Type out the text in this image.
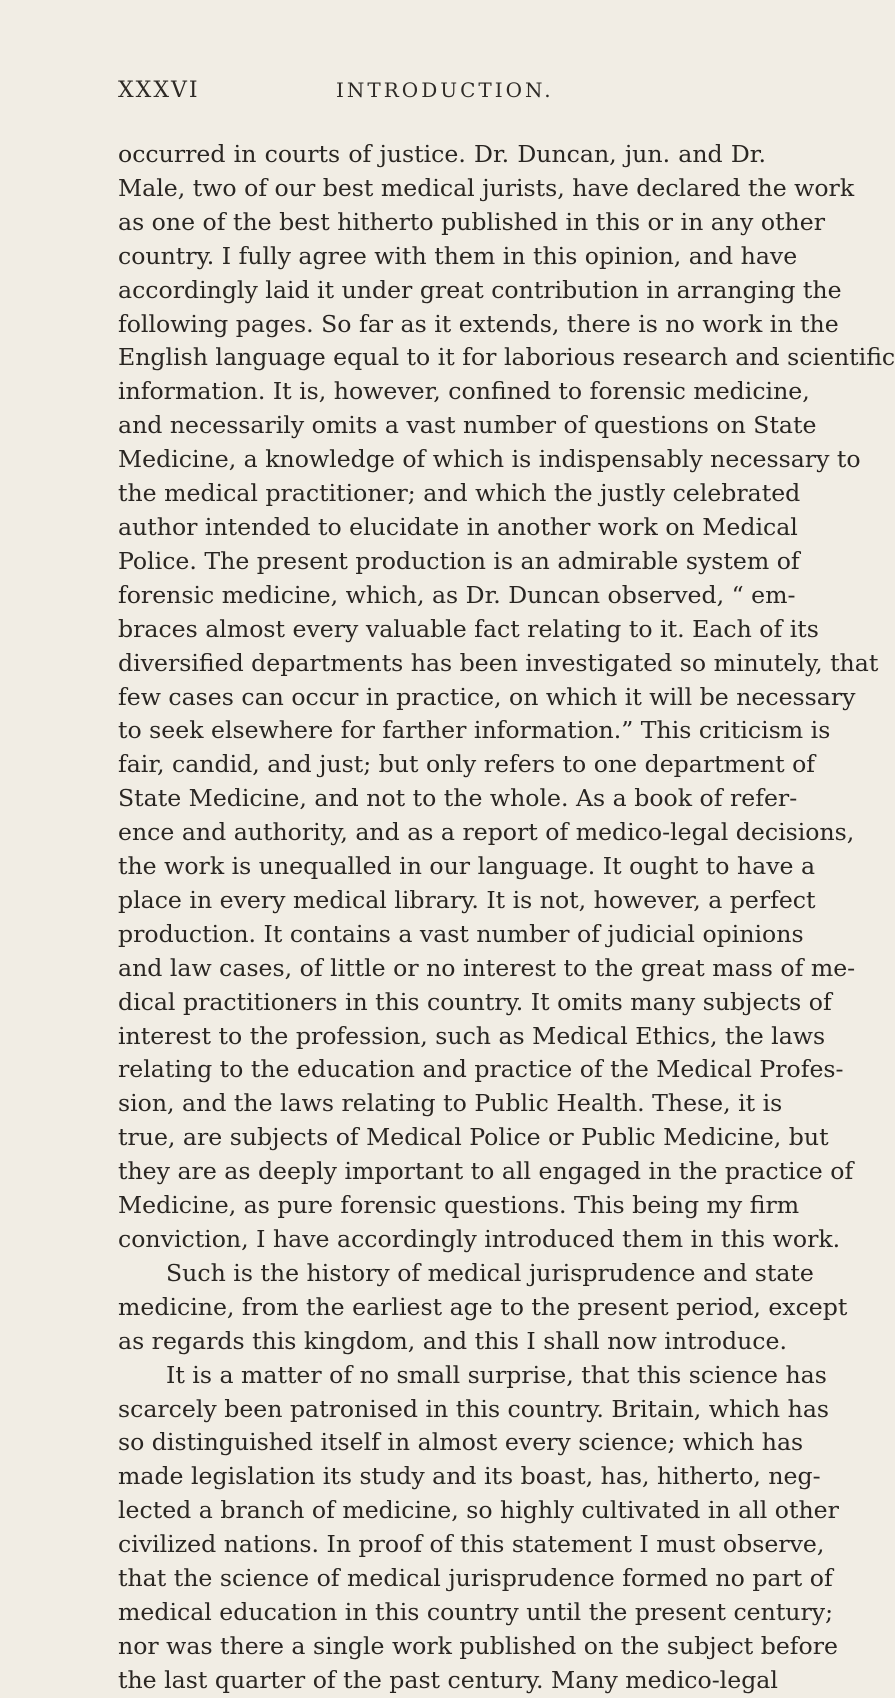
XXXVI	INTRODUCTION.
occurred in courts of justice. Dr. Duncan, jun. and Dr.
Male, two of our best medical jurists, have declared the work
as one of the best hitherto published in this or in any other
country. I fully agree with them in this opinion, and have
accordingly laid it under great contribution in arranging the
following pages. So far as it extends, there is no work in the
English language equal to it for laborious research and scientific
information. It is, however, confined to forensic medicine,
and necessarily omits a vast number of questions on State
Medicine, a knowledge of which is indispensably necessary to
the medical practitioner; and which the justly celebrated
author intended to elucidate in another work on Medical
Police. The present production is an admirable system of
forensic medicine, which, as Dr. Duncan observed, “ em-
braces almost every valuable fact relating to it. Each of its
diversified departments has been investigated so minutely, that
few cases can occur in practice, on which it will be necessary
to seek elsewhere for farther information.” This criticism is
fair, candid, and just; but only refers to one department of
State Medicine, and not to the whole. As a book of refer-
ence and authority, and as a report of medico-legal decisions,
the work is unequalled in our language. It ought to have a
place in every medical library. It is not, however, a perfect
production. It contains a vast number of judicial opinions
and law cases, of little or no interest to the great mass of me-
dical practitioners in this country. It omits many subjects of
interest to the profession, such as Medical Ethics, the laws
relating to the education and practice of the Medical Profes-
sion, and the laws relating to Public Health. These, it is
true, are subjects of Medical Police or Public Medicine, but
they are as deeply important to all engaged in the practice of
Medicine, as pure forensic questions. This being my firm
conviction, I have accordingly introduced them in this work.
Such is the history of medical jurisprudence and state
medicine, from the earliest age to the present period, except
as regards this kingdom, and this I shall now introduce.
It is a matter of no small surprise, that this science has
scarcely been patronised in this country. Britain, which has
so distinguished itself in almost every science; which has
made legislation its study and its boast, has, hitherto, neg-
lected a branch of medicine, so highly cultivated in all other
civilized nations. In proof of this statement I must observe,
that the science of medical jurisprudence formed no part of
medical education in this country until the present century;
nor was there a single work published on the subject before
the last quarter of the past century. Many medico-legal
